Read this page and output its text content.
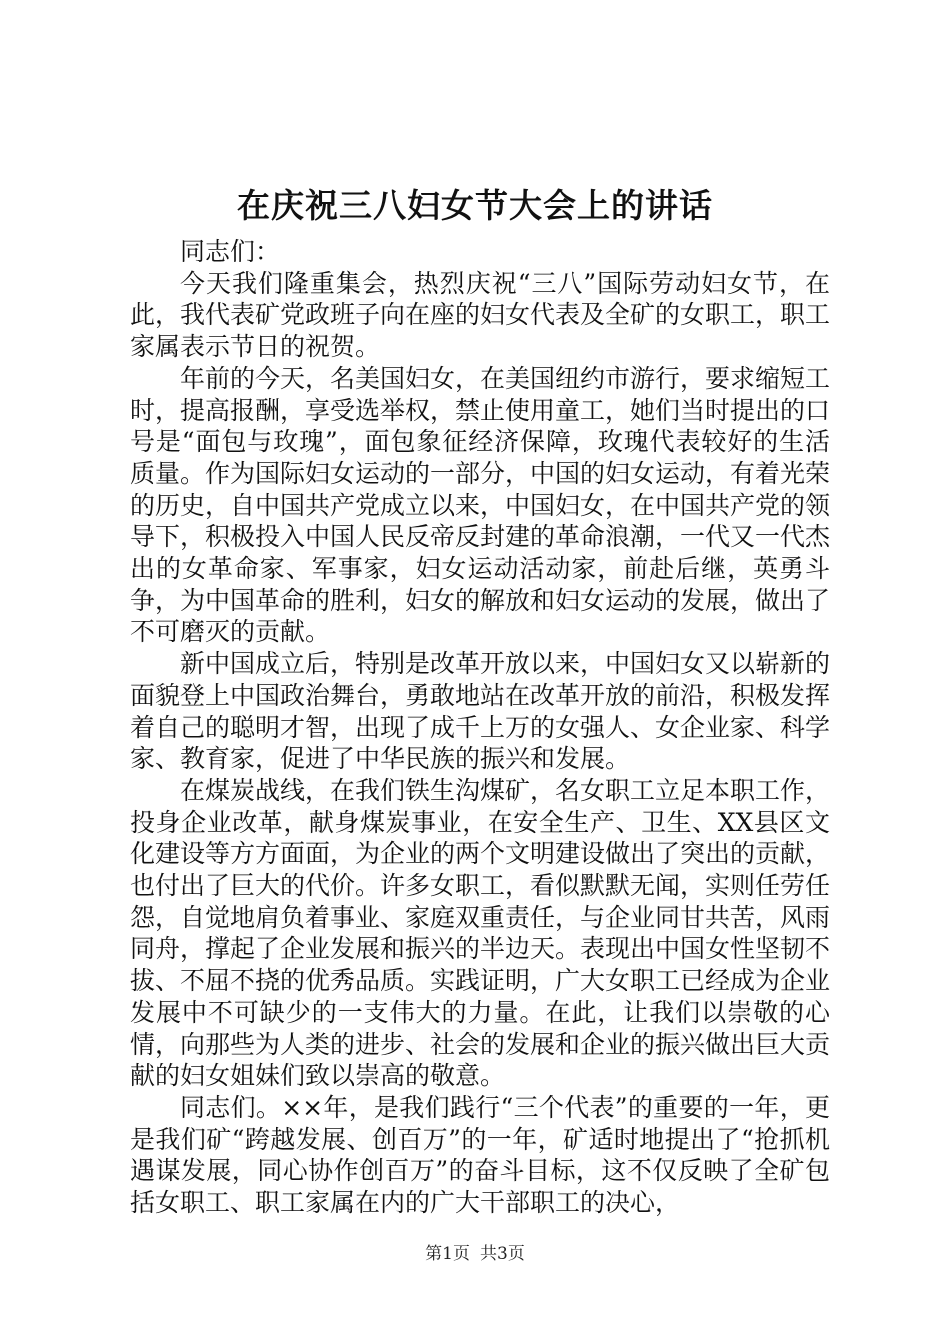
在庆祝三八妇女节大会上的讲话

同志们：

今天我们隆重集会，热烈庆祝“三八”国际劳动妇女节，在此，我代表矿党政班子向在座的妇女代表及全矿的女职工，职工家属表示节日的祝贺。

年前的今天，名美国妇女，在美国纽约市游行，要求缩短工时，提高报酬，享受选举权，禁止使用童工，她们当时提出的口号是“面包与玫瑰”，面包象征经济保障，玫瑰代表较好的生活质量。作为国际妇女运动的一部分，中国的妇女运动，有着光荣的历史，自中国共产党成立以来，中国妇女，在中国共产党的领导下，积极投入中国人民反帝反封建的革命浪潮，一代又一代杰出的女革命家、军事家，妇女运动活动家，前赴后继，英勇斗争，为中国革命的胜利，妇女的解放和妇女运动的发展，做出了不可磨灭的贡献。

新中国成立后，特别是改革开放以来，中国妇女又以崭新的面貌登上中国政治舞台，勇敢地站在改革开放的前沿，积极发挥着自己的聪明才智，出现了成千上万的女强人、女企业家、科学家、教育家，促进了中华民族的振兴和发展。

在煤炭战线，在我们铁生沟煤矿，名女职工立足本职工作，投身企业改革，献身煤炭事业，在安全生产、卫生、XX县区文化建设等方方面面，为企业的两个文明建设做出了突出的贡献，也付出了巨大的代价。许多女职工，看似默默无闻，实则任劳任怨，自觉地肩负着事业、家庭双重责任，与企业同甘共苦，风雨同舟，撑起了企业发展和振兴的半边天。表现出中国女性坚韧不拔、不屈不挠的优秀品质。实践证明，广大女职工已经成为企业发展中不可缺少的一支伟大的力量。在此，让我们以崇敬的心情，向那些为人类的进步、社会的发展和企业的振兴做出巨大贡献的妇女姐妹们致以崇高的敬意。

同志们。××年，是我们践行“三个代表”的重要的一年，更是我们矿“跨越发展、创百万”的一年，矿适时地提出了“抢抓机遇谋发展，同心协作创百万”的奋斗目标，这不仅反映了全矿包括女职工、职工家属在内的广大干部职工的决心，

第1页 共3页
